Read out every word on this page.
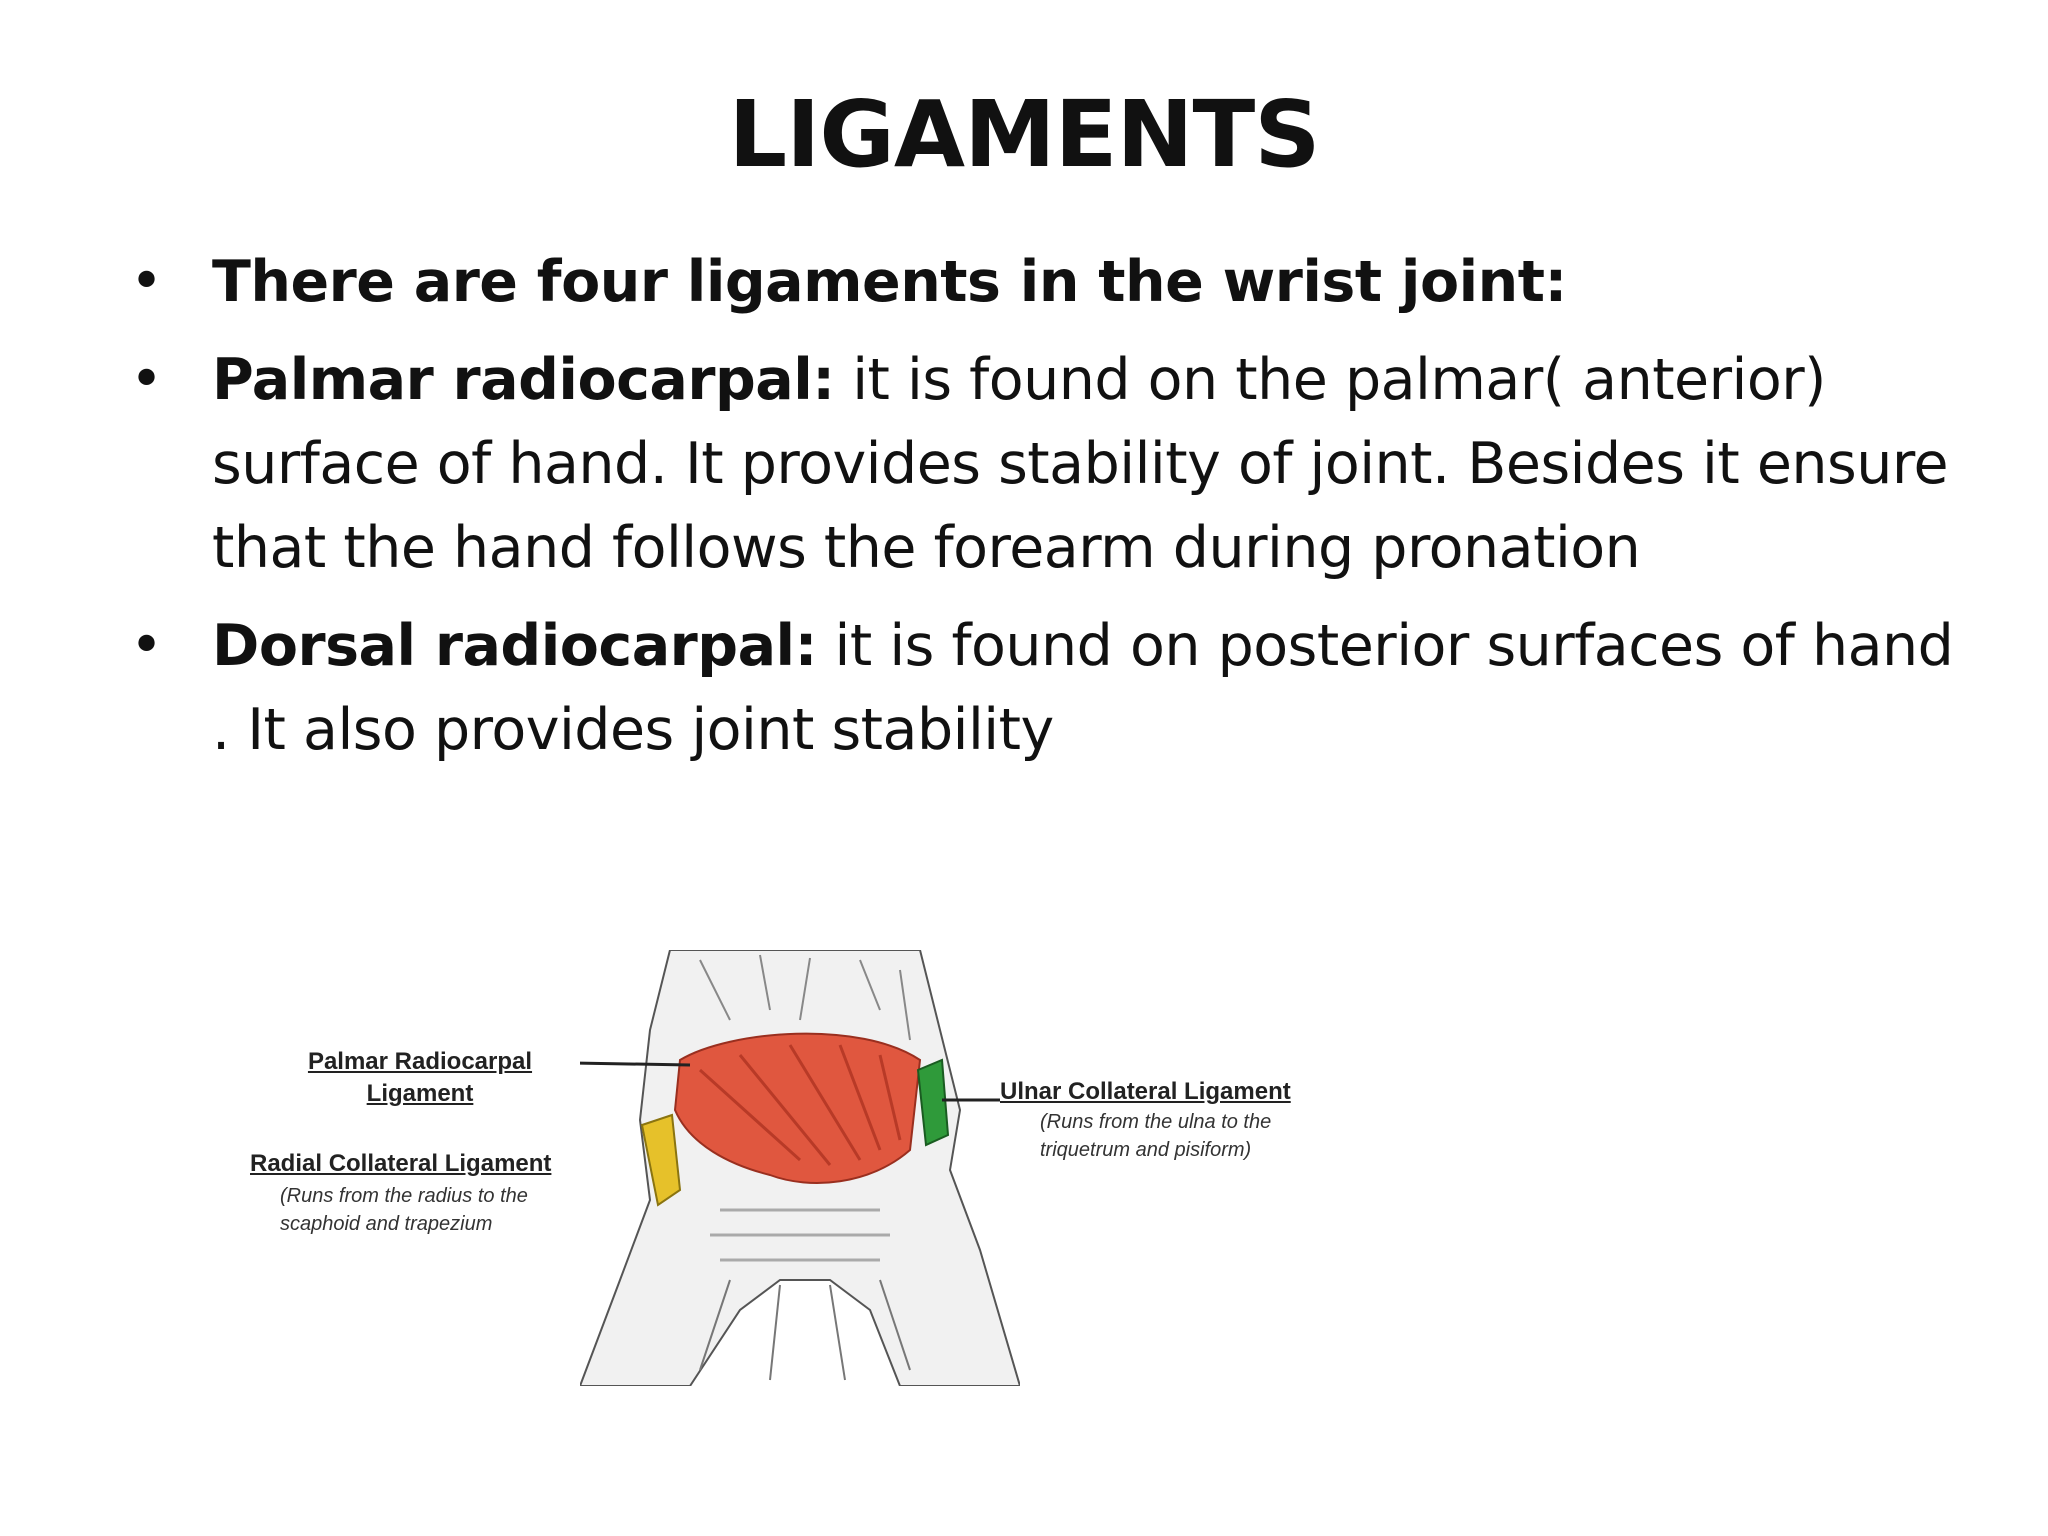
LIGAMENTS
• There are four ligaments in the wrist joint:
• Palmar radiocarpal: it is found on the palmar( anterior) surface of hand. It provides stability of joint. Besides it ensure that the hand follows the forearm during pronation
• Dorsal radiocarpal: it is found on posterior surfaces of hand . It also provides joint stability
Palmar Radiocarpal
Ligament
Radial Collateral Ligament
(Runs from the radius to the
scaphoid and trapezium
Ulnar Collateral Ligament
(Runs from the ulna to the
triquetrum and pisiform)
